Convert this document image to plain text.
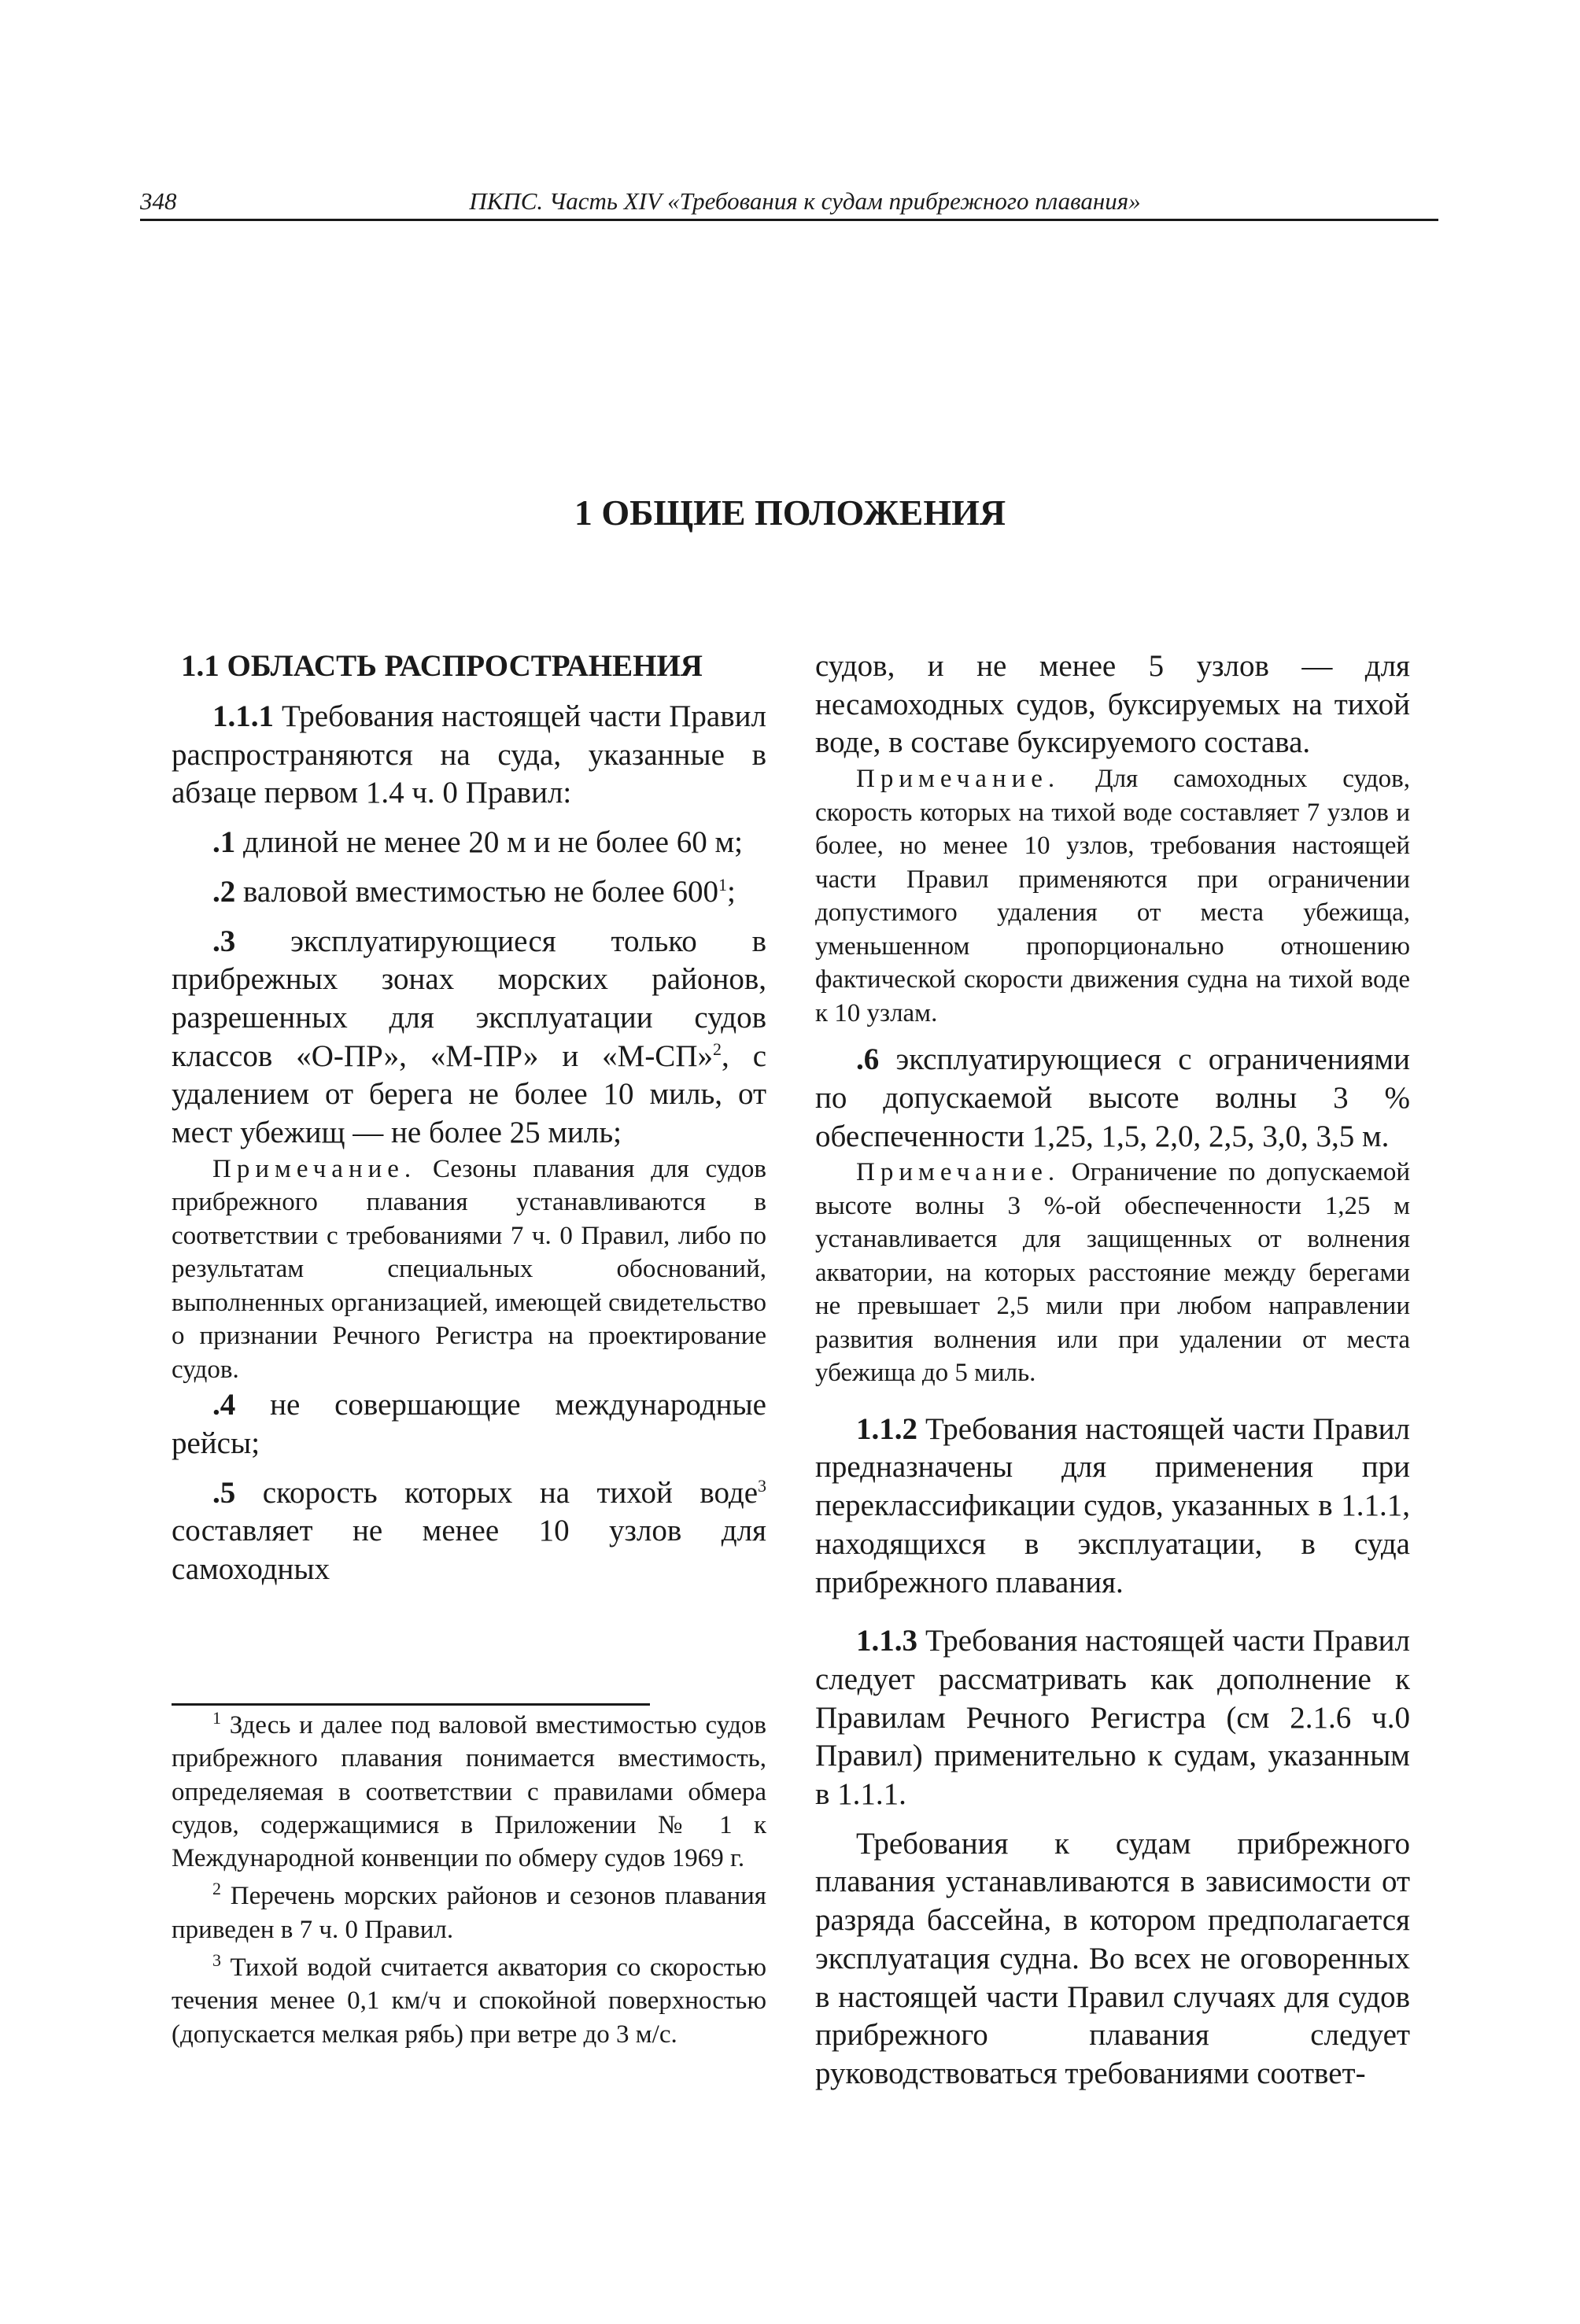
348	ПКПС. Часть XIV «Требования к судам прибрежного плавания»
1 ОБЩИЕ ПОЛОЖЕНИЯ

1.1 ОБЛАСТЬ РАСПРОСТРАНЕНИЯ

1.1.1 Требования настоящей части Правил распространяются на суда, указанные в абзаце первом 1.4 ч. 0 Правил:

.1 длиной не менее 20 м и не более 60 м;

.2 валовой вместимостью не более $600^1$;

.3 эксплуатирующиеся только в прибрежных зонах морских районов, разрешенных для эксплуатации судов классов «О-ПР», «М-ПР» и «М-СП»$^2$, с удалением от берега не более 10 миль, от мест убежищ — не более 25 миль;

Примечание. Сезоны плавания для судов прибрежного плавания устанавливаются в соответствии с требованиями 7 ч. 0 Правил, либо по результатам специальных обоснований, выполненных организацией, имеющей свидетельство о признании Речного Регистра на проектирование судов.

.4 не совершающие международные рейсы;

.5 скорость которых на тихой воде$^3$ составляет не менее 10 узлов для самоходных

$^1$ Здесь и далее под валовой вместимостью судов прибрежного плавания понимается вместимость, определяемая в соответствии с правилами обмера судов, содержащимися в Приложении № 1 к Международной конвенции по обмеру судов 1969 г.

$^2$ Перечень морских районов и сезонов плавания приведен в 7 ч. 0 Правил.

$^3$ Тихой водой считается акватория со скоростью течения менее 0,1 км/ч и спокойной поверхностью (допускается мелкая рябь) при ветре до 3 м/с.

судов, и не менее 5 узлов — для несамоходных судов, буксируемых на тихой воде, в составе буксируемого состава.

Примечание. Для самоходных судов, скорость которых на тихой воде составляет 7 узлов и более, но менее 10 узлов, требования настоящей части Правил применяются при ограничении допустимого удаления от места убежища, уменьшенном пропорционально отношению фактической скорости движения судна на тихой воде к 10 узлам.

.6 эксплуатирующиеся с ограничениями по допускаемой высоте волны 3 % обеспеченности 1,25, 1,5, 2,0, 2,5, 3,0, 3,5 м.

Примечание. Ограничение по допускаемой высоте волны 3 %-ой обеспеченности 1,25 м устанавливается для защищенных от волнения акватории, на которых расстояние между берегами не превышает 2,5 мили при любом направлении развития волнения или при удалении от места убежища до 5 миль.

1.1.2 Требования настоящей части Правил предназначены для применения при переклассификации судов, указанных в 1.1.1, находящихся в эксплуатации, в суда прибрежного плавания.

1.1.3 Требования настоящей части Правил следует рассматривать как дополнение к Правилам Речного Регистра (см 2.1.6 ч.0 Правил) применительно к судам, указанным в 1.1.1.

Требования к судам прибрежного плавания устанавливаются в зависимости от разряда бассейна, в котором предполагается эксплуатация судна. Во всех не оговоренных в настоящей части Правил случаях для судов прибрежного плавания следует руководствоваться требованиями соответ-
